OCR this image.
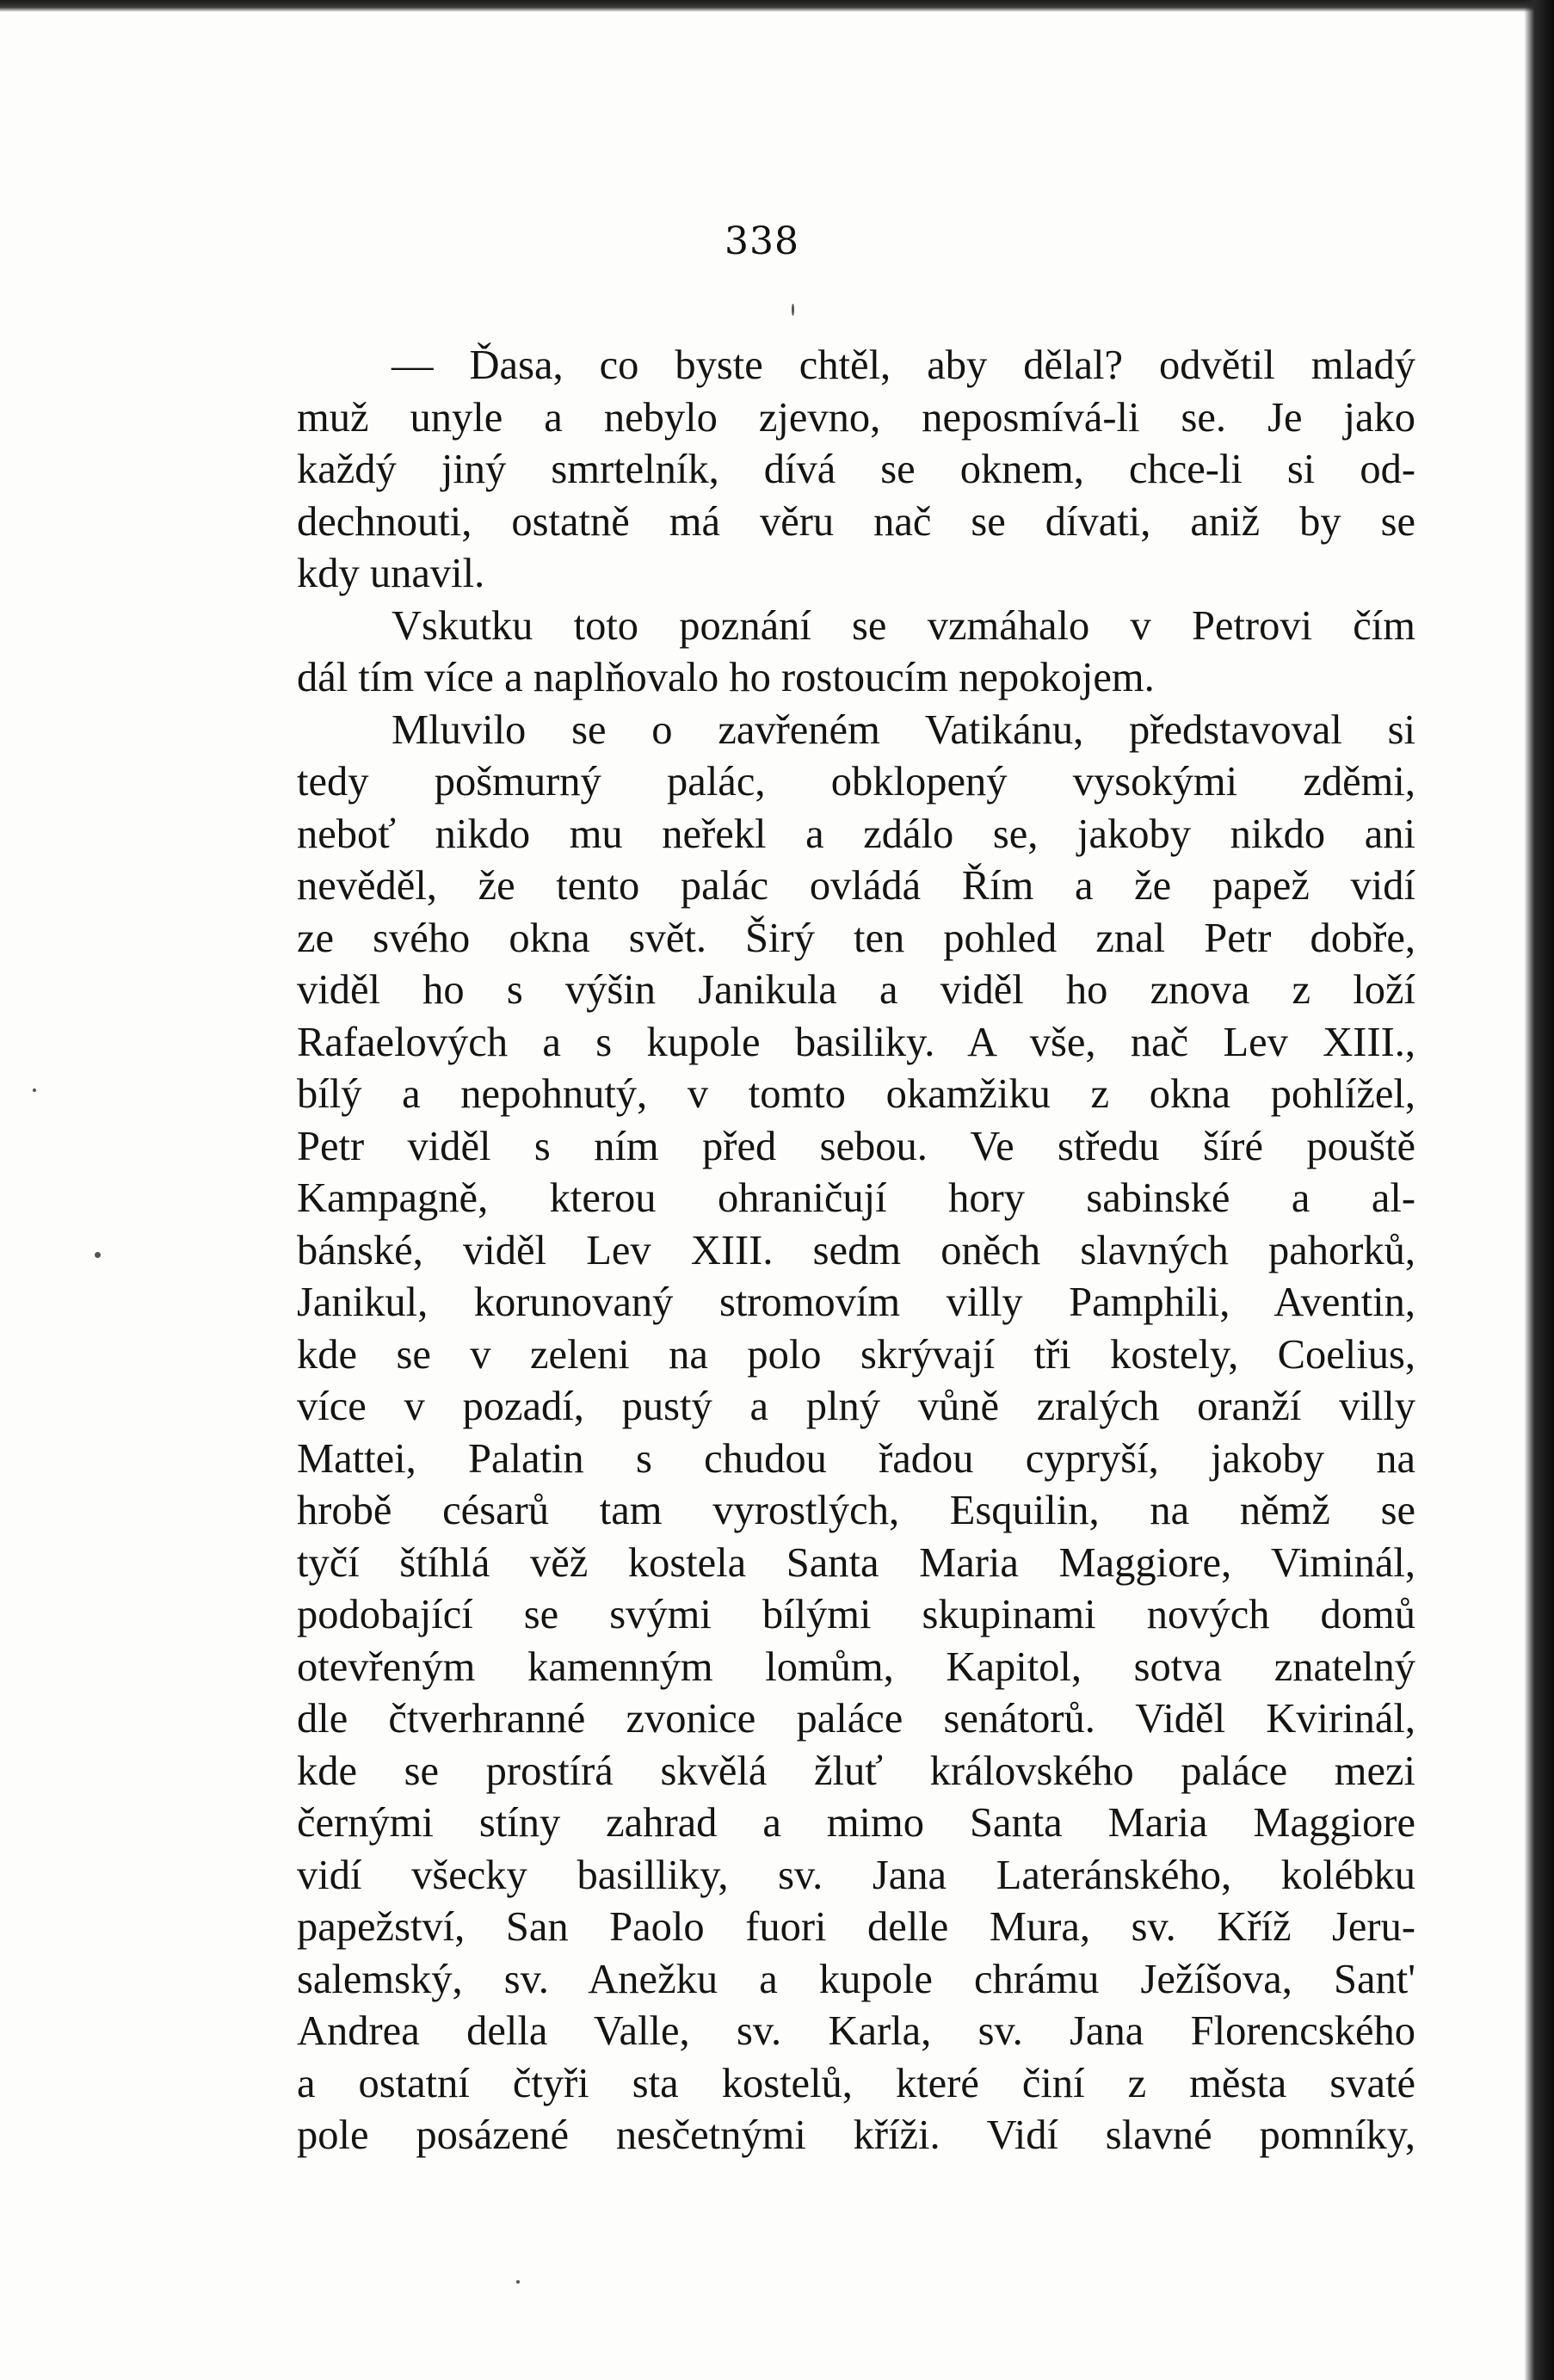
338
— Ďasa, co byste chtěl, aby dělal? odvětil mladý
muž unyle a nebylo zjevno, neposmívá-li se. Je jako
každý jiný smrtelník, dívá se oknem, chce-li si od-
dechnouti, ostatně má věru nač se dívati, aniž by se
kdy unavil.
Vskutku toto poznání se vzmáhalo v Petrovi čím
dál tím více a naplňovalo ho rostoucím nepokojem.
Mluvilo se o zavřeném Vatikánu, představoval si
tedy pošmurný palác, obklopený vysokými zděmi,
neboť nikdo mu neřekl a zdálo se, jakoby nikdo ani
nevěděl, že tento palác ovládá Řím a že papež vidí
ze svého okna svět. Širý ten pohled znal Petr dobře,
viděl ho s výšin Janikula a viděl ho znova z loží
Rafaelových a s kupole basiliky. A vše, nač Lev XIII.,
bílý a nepohnutý, v tomto okamžiku z okna pohlížel,
Petr viděl s ním před sebou. Ve středu šíré pouště
Kampagně, kterou ohraničují hory sabinské a al-
bánské, viděl Lev XIII. sedm oněch slavných pahorků,
Janikul, korunovaný stromovím villy Pamphili, Aventin,
kde se v zeleni na polo skrývají tři kostely, Coelius,
více v pozadí, pustý a plný vůně zralých oranží villy
Mattei, Palatin s chudou řadou cypryší, jakoby na
hrobě césarů tam vyrostlých, Esquilin, na němž se
tyčí štíhlá věž kostela Santa Maria Maggiore, Viminál,
podobající se svými bílými skupinami nových domů
otevřeným kamenným lomům, Kapitol, sotva znatelný
dle čtverhranné zvonice paláce senátorů. Viděl Kvirinál,
kde se prostírá skvělá žluť královského paláce mezi
černými stíny zahrad a mimo Santa Maria Maggiore
vidí všecky basilliky, sv. Jana Lateránského, kolébku
papežství, San Paolo fuori delle Mura, sv. Kříž Jeru-
salemský, sv. Anežku a kupole chrámu Ježíšova, Sant'
Andrea della Valle, sv. Karla, sv. Jana Florencského
a ostatní čtyři sta kostelů, které činí z města svaté
pole posázené nesčetnými kříži. Vidí slavné pomníky,
